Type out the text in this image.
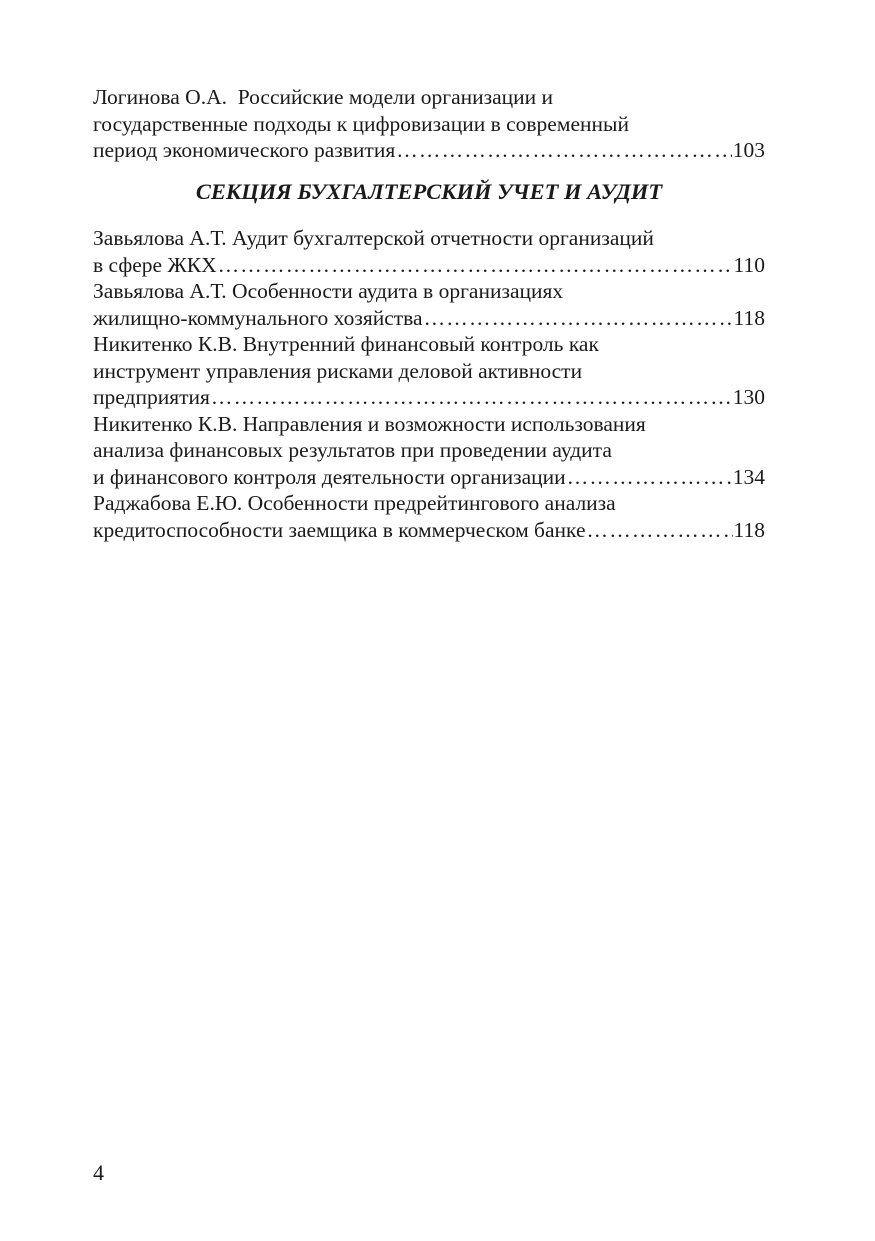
Логинова О.А.  Российские модели организации и
государственные подходы к цифровизации в современный
период экономического развития ……………………………………………………………………………………………………………………………………………………………	103
СЕКЦИЯ БУХГАЛТЕРСКИЙ УЧЕТ И АУДИТ
Завьялова А.Т. Аудит бухгалтерской отчетности организаций
в сфере ЖКХ ……………………………………………………………………………………………………………………………………………………………	110
Завьялова А.Т. Особенности аудита в организациях
жилищно-коммунального хозяйства ……………………………………………………………………………………………………………………………………………………………	118
Никитенко К.В. Внутренний финансовый контроль как
инструмент управления рисками деловой активности
предприятия ……………………………………………………………………………………………………………………………………………………………	130
Никитенко К.В. Направления и возможности использования
анализа финансовых результатов при проведении аудита
и финансового контроля деятельности организации ……………………………………………………………………………………………………………………………………………………………	134
Раджабова Е.Ю. Особенности предрейтингового анализа
кредитоспособности заемщика в коммерческом банке ……………………………………………………………………………………………………………………………………………………………	118
4
